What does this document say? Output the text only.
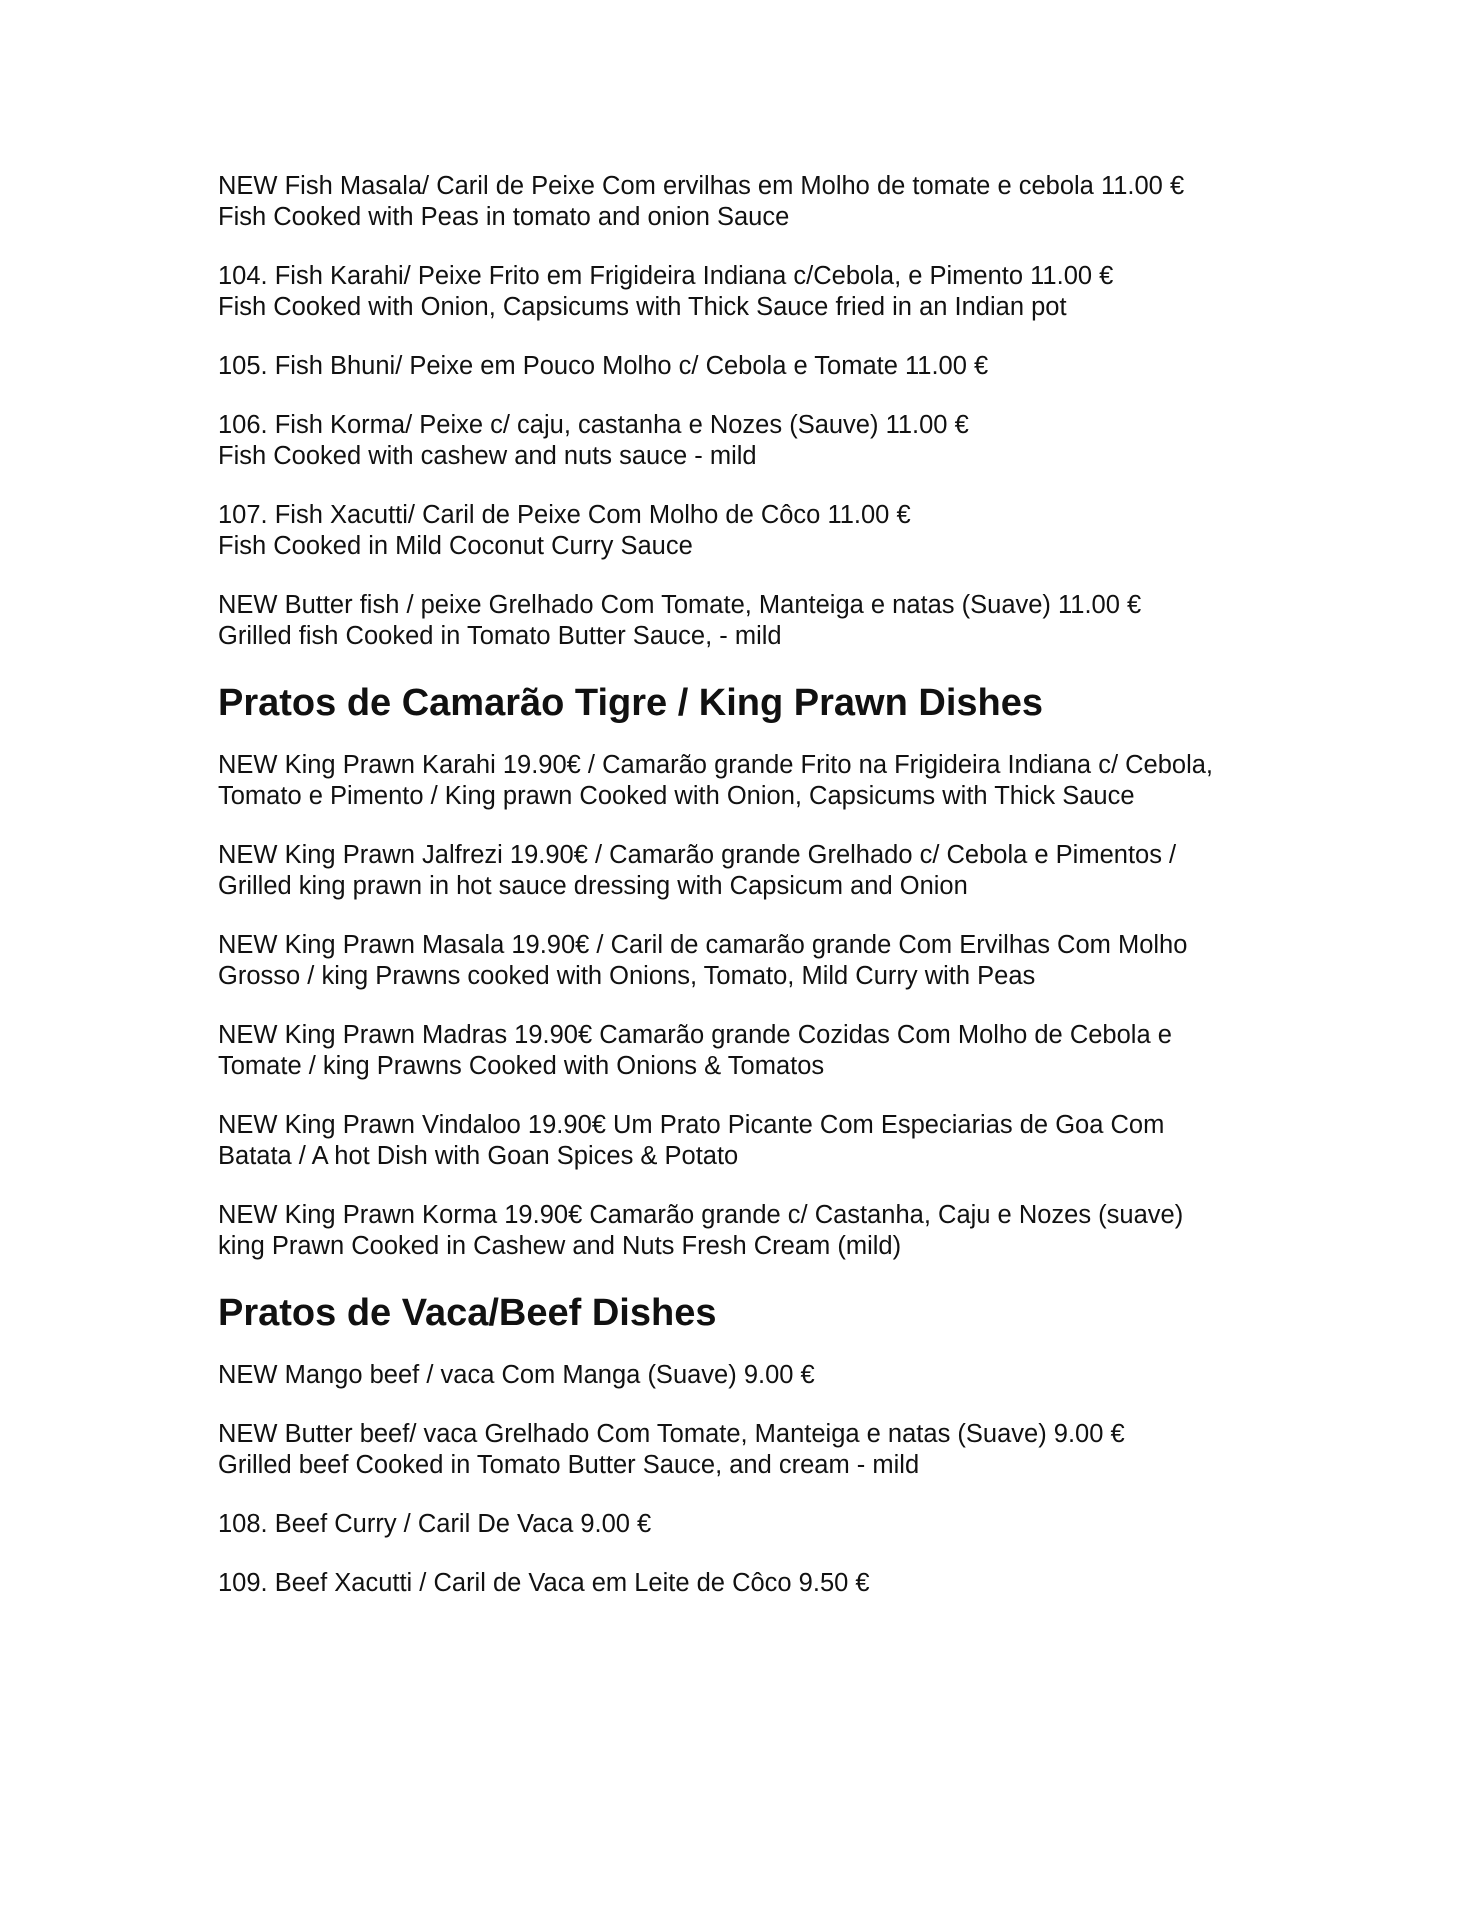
NEW Fish Masala/ Caril de Peixe Com ervilhas em Molho de tomate e cebola 11.00 €

Fish Cooked with Peas in tomato and onion Sauce

104. Fish Karahi/ Peixe Frito em Frigideira Indiana c/Cebola, e Pimento 11.00 €

Fish Cooked with Onion, Capsicums with Thick Sauce fried in an Indian pot

105. Fish Bhuni/ Peixe em Pouco Molho c/ Cebola e Tomate 11.00 €

106. Fish Korma/ Peixe c/ caju, castanha e Nozes (Sauve) 11.00 €

Fish Cooked with cashew and nuts sauce - mild

107. Fish Xacutti/ Caril de Peixe Com Molho de Côco 11.00 €

Fish Cooked in Mild Coconut Curry Sauce

NEW Butter fish / peixe Grelhado Com Tomate, Manteiga e natas (Suave) 11.00 €

Grilled fish Cooked in Tomato Butter Sauce, - mild

Pratos de Camarão Tigre / King Prawn Dishes

NEW King Prawn Karahi 19.90€ / Camarão grande Frito na Frigideira Indiana c/ Cebola,

Tomato e Pimento / King prawn Cooked with Onion, Capsicums with Thick Sauce

NEW King Prawn Jalfrezi 19.90€ / Camarão grande Grelhado c/ Cebola e Pimentos /

Grilled king prawn in hot sauce dressing with Capsicum and Onion

NEW King Prawn Masala 19.90€ / Caril de camarão grande Com Ervilhas Com Molho

Grosso / king Prawns cooked with Onions, Tomato, Mild Curry with Peas

NEW King Prawn Madras 19.90€ Camarão grande Cozidas Com Molho de Cebola e

Tomate / king Prawns Cooked with Onions & Tomatos

NEW King Prawn Vindaloo 19.90€ Um Prato Picante Com Especiarias de Goa Com

Batata / A hot Dish with Goan Spices & Potato

NEW King Prawn Korma 19.90€ Camarão grande c/ Castanha, Caju e Nozes (suave)

king Prawn Cooked in Cashew and Nuts Fresh Cream (mild)

Pratos de Vaca/Beef Dishes

NEW Mango beef / vaca Com Manga (Suave) 9.00 €

NEW Butter beef/ vaca Grelhado Com Tomate, Manteiga e natas (Suave) 9.00 €

Grilled beef Cooked in Tomato Butter Sauce, and cream - mild

108. Beef Curry / Caril De Vaca 9.00 €

109. Beef Xacutti / Caril de Vaca em Leite de Côco 9.50 €
